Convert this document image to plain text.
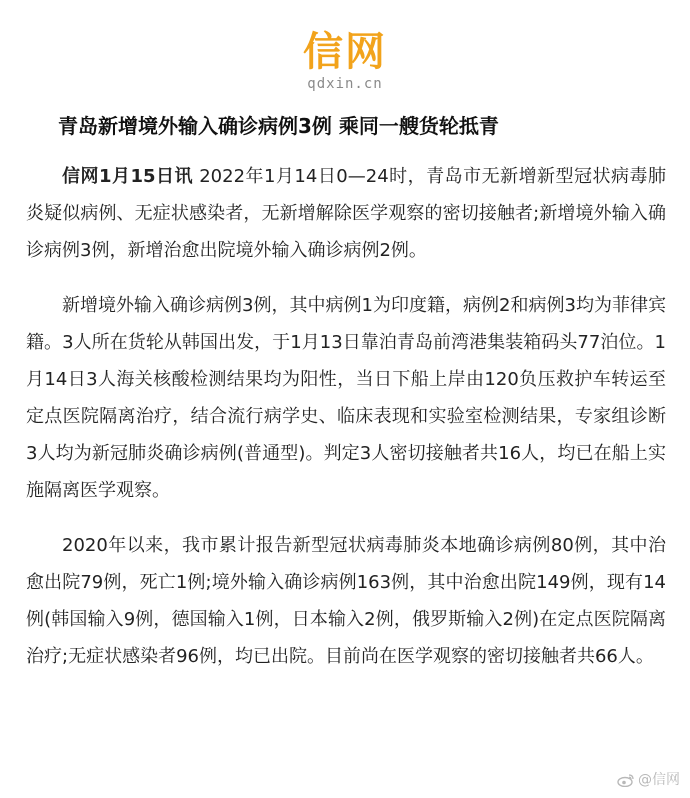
信网
qdxin.cn
青岛新增境外输入确诊病例3例 乘同一艘货轮抵青

信网1月15日讯 2022年1月14日0—24时，青岛市无新增新型冠状病毒肺炎疑似病例、无症状感染者，无新增解除医学观察的密切接触者;新增境外输入确诊病例3例，新增治愈出院境外输入确诊病例2例。

新增境外输入确诊病例3例，其中病例1为印度籍，病例2和病例3均为菲律宾籍。3人所在货轮从韩国出发，于1月13日靠泊青岛前湾港集装箱码头77泊位。1月14日3人海关核酸检测结果均为阳性，当日下船上岸由120负压救护车转运至定点医院隔离治疗，结合流行病学史、临床表现和实验室检测结果，专家组诊断3人均为新冠肺炎确诊病例(普通型)。判定3人密切接触者共16人，均已在船上实施隔离医学观察。

2020年以来，我市累计报告新型冠状病毒肺炎本地确诊病例80例，其中治愈出院79例，死亡1例;境外输入确诊病例163例，其中治愈出院149例，现有14例(韩国输入9例，德国输入1例，日本输入2例，俄罗斯输入2例)在定点医院隔离治疗;无症状感染者96例，均已出院。目前尚在医学观察的密切接触者共66人。

@信网
